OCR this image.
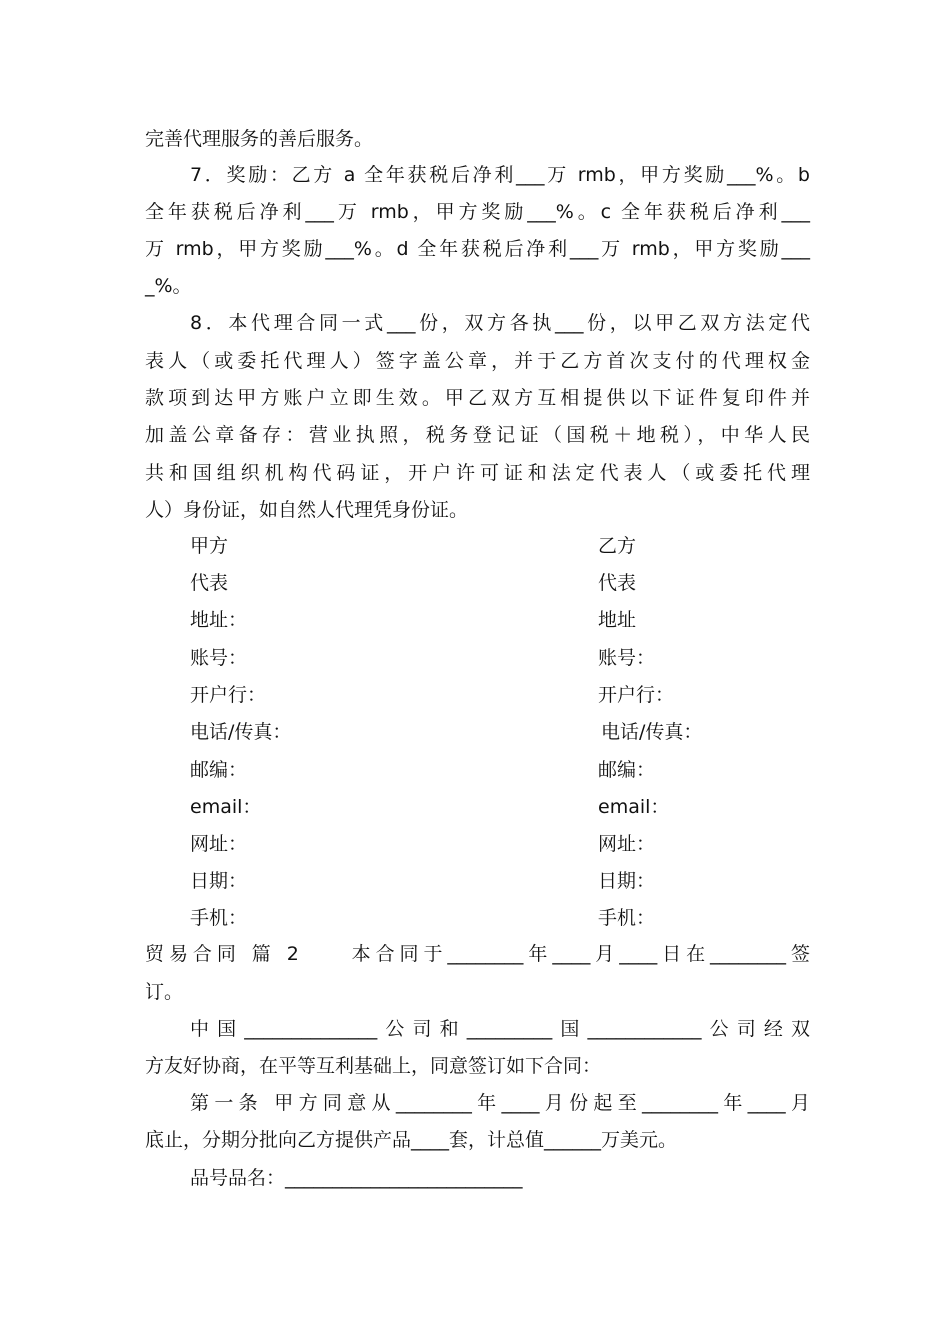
完善代理服务的善后服务。
7．奖励：乙方 a 全年获税后净利___万 rmb，甲方奖励___%。b
全年获税后净利___万 rmb，甲方奖励___%。c 全年获税后净利___
万 rmb，甲方奖励___%。d 全年获税后净利___万 rmb，甲方奖励___
_%。
8．本代理合同一式___份，双方各执___份，以甲乙双方法定代
表人（或委托代理人）签字盖公章，并于乙方首次支付的代理权金
款项到达甲方账户立即生效。甲乙双方互相提供以下证件复印件并
加盖公章备存：营业执照，税务登记证（国税＋地税），中华人民
共和国组织机构代码证，开户许可证和法定代表人（或委托代理
人）身份证，如自然人代理凭身份证。
甲方
代表
地址：
账号：
开户行：
电话/传真：
邮编：
email：
网址：
日期：
手机：
乙方
代表
地址
账号：
开户行：
电话/传真：
邮编：
email：
网址：
日期：
手机：
贸易合同 篇 2　　本合同于________年____月____日在________签
订。
中国______________公司和_________国____________公司经双
方友好协商，在平等互利基础上，同意签订如下合同：
第一条 甲方同意从________年____月份起至________年____月
底止，分期分批向乙方提供产品____套，计总值______万美元。
品号品名：_________________________
